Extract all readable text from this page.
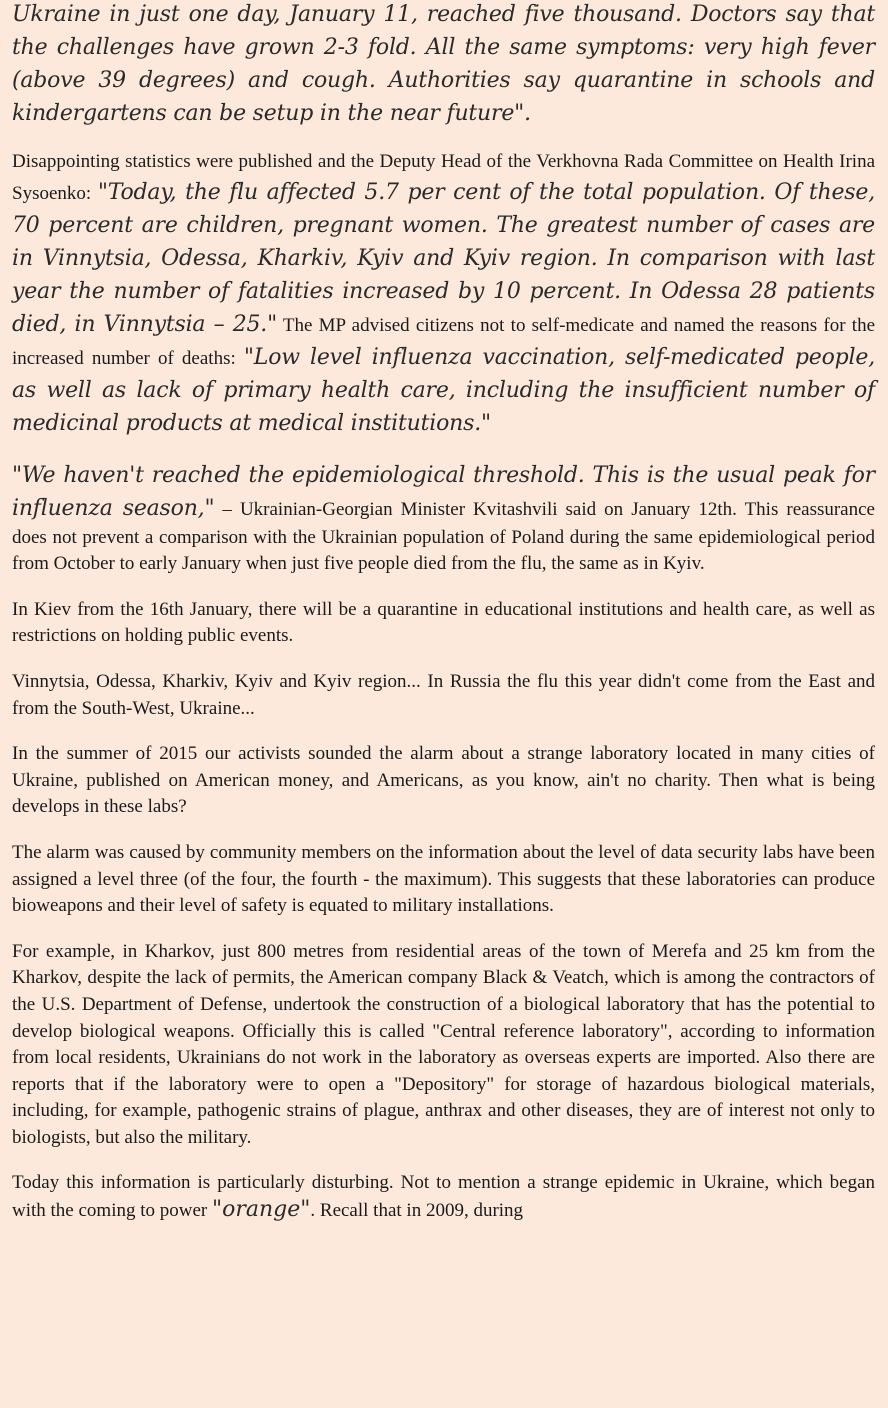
Ukraine in just one day, January 11, reached five thousand. Doctors say that the challenges have grown 2-3 fold. All the same symptoms: very high fever (above 39 degrees) and cough. Authorities say quarantine in schools and kindergartens can be setup in the near future".

Disappointing statistics were published and the Deputy Head of the Verkhovna Rada Committee on Health Irina Sysoenko: "Today, the flu affected 5.7 per cent of the total population. Of these, 70 percent are children, pregnant women. The greatest number of cases are in Vinnytsia, Odessa, Kharkiv, Kyiv and Kyiv region. In comparison with last year the number of fatalities increased by 10 percent. In Odessa 28 patients died, in Vinnytsia – 25." The MP advised citizens not to self-medicate and named the reasons for the increased number of deaths: "Low level influenza vaccination, self-medicated people, as well as lack of primary health care, including the insufficient number of medicinal products at medical institutions."

"We haven't reached the epidemiological threshold. This is the usual peak for influenza season," – Ukrainian-Georgian Minister Kvitashvili said on January 12th. This reassurance does not prevent a comparison with the Ukrainian population of Poland during the same epidemiological period from October to early January when just five people died from the flu, the same as in Kyiv.

In Kiev from the 16th January, there will be a quarantine in educational institutions and health care, as well as restrictions on holding public events.

Vinnytsia, Odessa, Kharkiv, Kyiv and Kyiv region... In Russia the flu this year didn't come from the East and from the South-West, Ukraine...

In the summer of 2015 our activists sounded the alarm about a strange laboratory located in many cities of Ukraine, published on American money, and Americans, as you know, ain't no charity. Then what is being develops in these labs?

The alarm was caused by community members on the information about the level of data security labs have been assigned a level three (of the four, the fourth - the maximum). This suggests that these laboratories can produce bioweapons and their level of safety is equated to military installations.

For example, in Kharkov, just 800 metres from residential areas of the town of Merefa and 25 km from the Kharkov, despite the lack of permits, the American company Black & Veatch, which is among the contractors of the U.S. Department of Defense, undertook the construction of a biological laboratory that has the potential to develop biological weapons. Officially this is called "Central reference laboratory", according to information from local residents, Ukrainians do not work in the laboratory as overseas experts are imported. Also there are reports that if the laboratory were to open a "Depository" for storage of hazardous biological materials, including, for example, pathogenic strains of plague, anthrax and other diseases, they are of interest not only to biologists, but also the military.

Today this information is particularly disturbing. Not to mention a strange epidemic in Ukraine, which began with the coming to power "orange". Recall that in 2009, during
